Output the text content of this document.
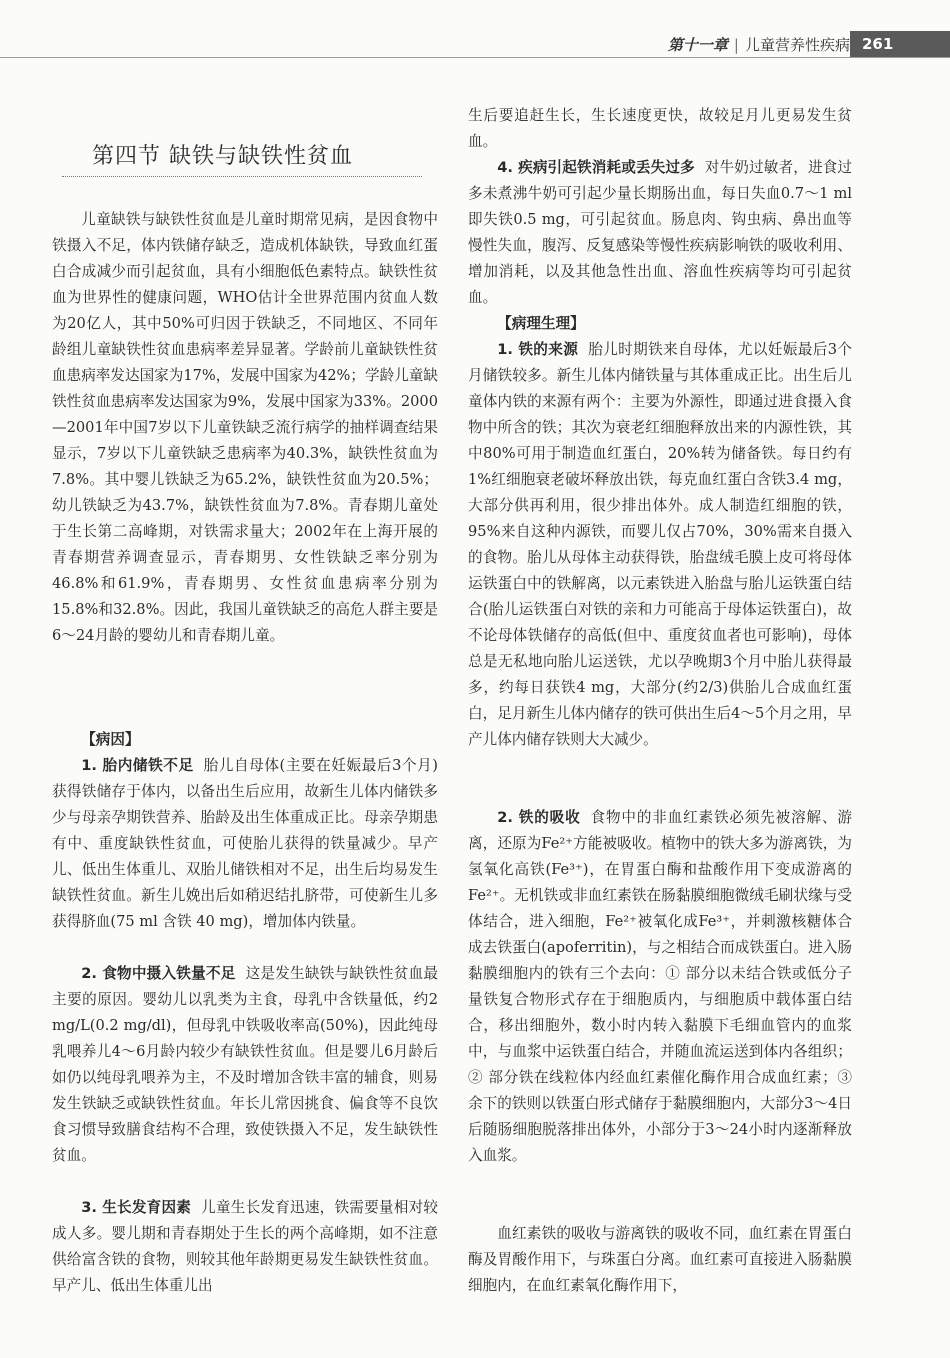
第十一章 | 儿童营养性疾病 261
第四节 缺铁与缺铁性贫血

儿童缺铁与缺铁性贫血是儿童时期常见病，是因食物中铁摄入不足，体内铁储存缺乏，造成机体缺铁，导致血红蛋白合成减少而引起贫血，具有小细胞低色素特点。缺铁性贫血为世界性的健康问题，WHO估计全世界范围内贫血人数为20亿人，其中50%可归因于铁缺乏，不同地区、不同年龄组儿童缺铁性贫血患病率差异显著。学龄前儿童缺铁性贫血患病率发达国家为17%，发展中国家为42%；学龄儿童缺铁性贫血患病率发达国家为9%，发展中国家为33%。2000—2001年中国7岁以下儿童铁缺乏流行病学的抽样调查结果显示，7岁以下儿童铁缺乏患病率为40.3%，缺铁性贫血为7.8%。其中婴儿铁缺乏为65.2%，缺铁性贫血为20.5%；幼儿铁缺乏为43.7%，缺铁性贫血为7.8%。青春期儿童处于生长第二高峰期，对铁需求量大；2002年在上海开展的青春期营养调查显示，青春期男、女性铁缺乏率分别为46.8%和61.9%，青春期男、女性贫血患病率分别为15.8%和32.8%。因此，我国儿童铁缺乏的高危人群主要是6～24月龄的婴幼儿和青春期儿童。

【病因】

1. 胎内储铁不足 胎儿自母体(主要在妊娠最后3个月)获得铁储存于体内，以备出生后应用，故新生儿体内储铁多少与母亲孕期铁营养、胎龄及出生体重成正比。母亲孕期患有中、重度缺铁性贫血，可使胎儿获得的铁量减少。早产儿、低出生体重儿、双胎儿储铁相对不足，出生后均易发生缺铁性贫血。新生儿娩出后如稍迟结扎脐带，可使新生儿多获得脐血(75 ml 含铁 40 mg)，增加体内铁量。

2. 食物中摄入铁量不足 这是发生缺铁与缺铁性贫血最主要的原因。婴幼儿以乳类为主食，母乳中含铁量低，约2 mg/L(0.2 mg/dl)，但母乳中铁吸收率高(50%)，因此纯母乳喂养儿4～6月龄内较少有缺铁性贫血。但是婴儿6月龄后如仍以纯母乳喂养为主，不及时增加含铁丰富的辅食，则易发生铁缺乏或缺铁性贫血。年长儿常因挑食、偏食等不良饮食习惯导致膳食结构不合理，致使铁摄入不足，发生缺铁性贫血。

3. 生长发育因素 儿童生长发育迅速，铁需要量相对较成人多。婴儿期和青春期处于生长的两个高峰期，如不注意供给富含铁的食物，则较其他年龄期更易发生缺铁性贫血。早产儿、低出生体重儿出

生后要追赶生长，生长速度更快，故较足月儿更易发生贫血。

4. 疾病引起铁消耗或丢失过多 对牛奶过敏者，进食过多未煮沸牛奶可引起少量长期肠出血，每日失血0.7～1 ml 即失铁0.5 mg，可引起贫血。肠息肉、钩虫病、鼻出血等慢性失血，腹泻、反复感染等慢性疾病影响铁的吸收利用、增加消耗，以及其他急性出血、溶血性疾病等均可引起贫血。

【病理生理】

1. 铁的来源 胎儿时期铁来自母体，尤以妊娠最后3个月储铁较多。新生儿体内储铁量与其体重成正比。出生后儿童体内铁的来源有两个：主要为外源性，即通过进食摄入食物中所含的铁；其次为衰老红细胞释放出来的内源性铁，其中80%可用于制造血红蛋白，20%转为储备铁。每日约有1%红细胞衰老破坏释放出铁，每克血红蛋白含铁3.4 mg，大部分供再利用，很少排出体外。成人制造红细胞的铁，95%来自这种内源铁，而婴儿仅占70%，30%需来自摄入的食物。胎儿从母体主动获得铁，胎盘绒毛膜上皮可将母体运铁蛋白中的铁解离，以元素铁进入胎盘与胎儿运铁蛋白结合(胎儿运铁蛋白对铁的亲和力可能高于母体运铁蛋白)，故不论母体铁储存的高低(但中、重度贫血者也可影响)，母体总是无私地向胎儿运送铁，尤以孕晚期3个月中胎儿获得最多，约每日获铁4 mg，大部分(约2/3)供胎儿合成血红蛋白，足月新生儿体内储存的铁可供出生后4～5个月之用，早产儿体内储存铁则大大减少。

2. 铁的吸收 食物中的非血红素铁必须先被溶解、游离，还原为Fe²⁺方能被吸收。植物中的铁大多为游离铁，为氢氧化高铁(Fe³⁺)，在胃蛋白酶和盐酸作用下变成游离的Fe²⁺。无机铁或非血红素铁在肠黏膜细胞微绒毛刷状缘与受体结合，进入细胞，Fe²⁺被氧化成Fe³⁺，并刺激核糖体合成去铁蛋白(apoferritin)，与之相结合而成铁蛋白。进入肠黏膜细胞内的铁有三个去向：① 部分以未结合铁或低分子量铁复合物形式存在于细胞质内，与细胞质中载体蛋白结合，移出细胞外，数小时内转入黏膜下毛细血管内的血浆中，与血浆中运铁蛋白结合，并随血流运送到体内各组织；② 部分铁在线粒体内经血红素催化酶作用合成血红素；③ 余下的铁则以铁蛋白形式储存于黏膜细胞内，大部分3～4日后随肠细胞脱落排出体外，小部分于3～24小时内逐渐释放入血浆。

血红素铁的吸收与游离铁的吸收不同，血红素在胃蛋白酶及胃酸作用下，与珠蛋白分离。血红素可直接进入肠黏膜细胞内，在血红素氧化酶作用下，
